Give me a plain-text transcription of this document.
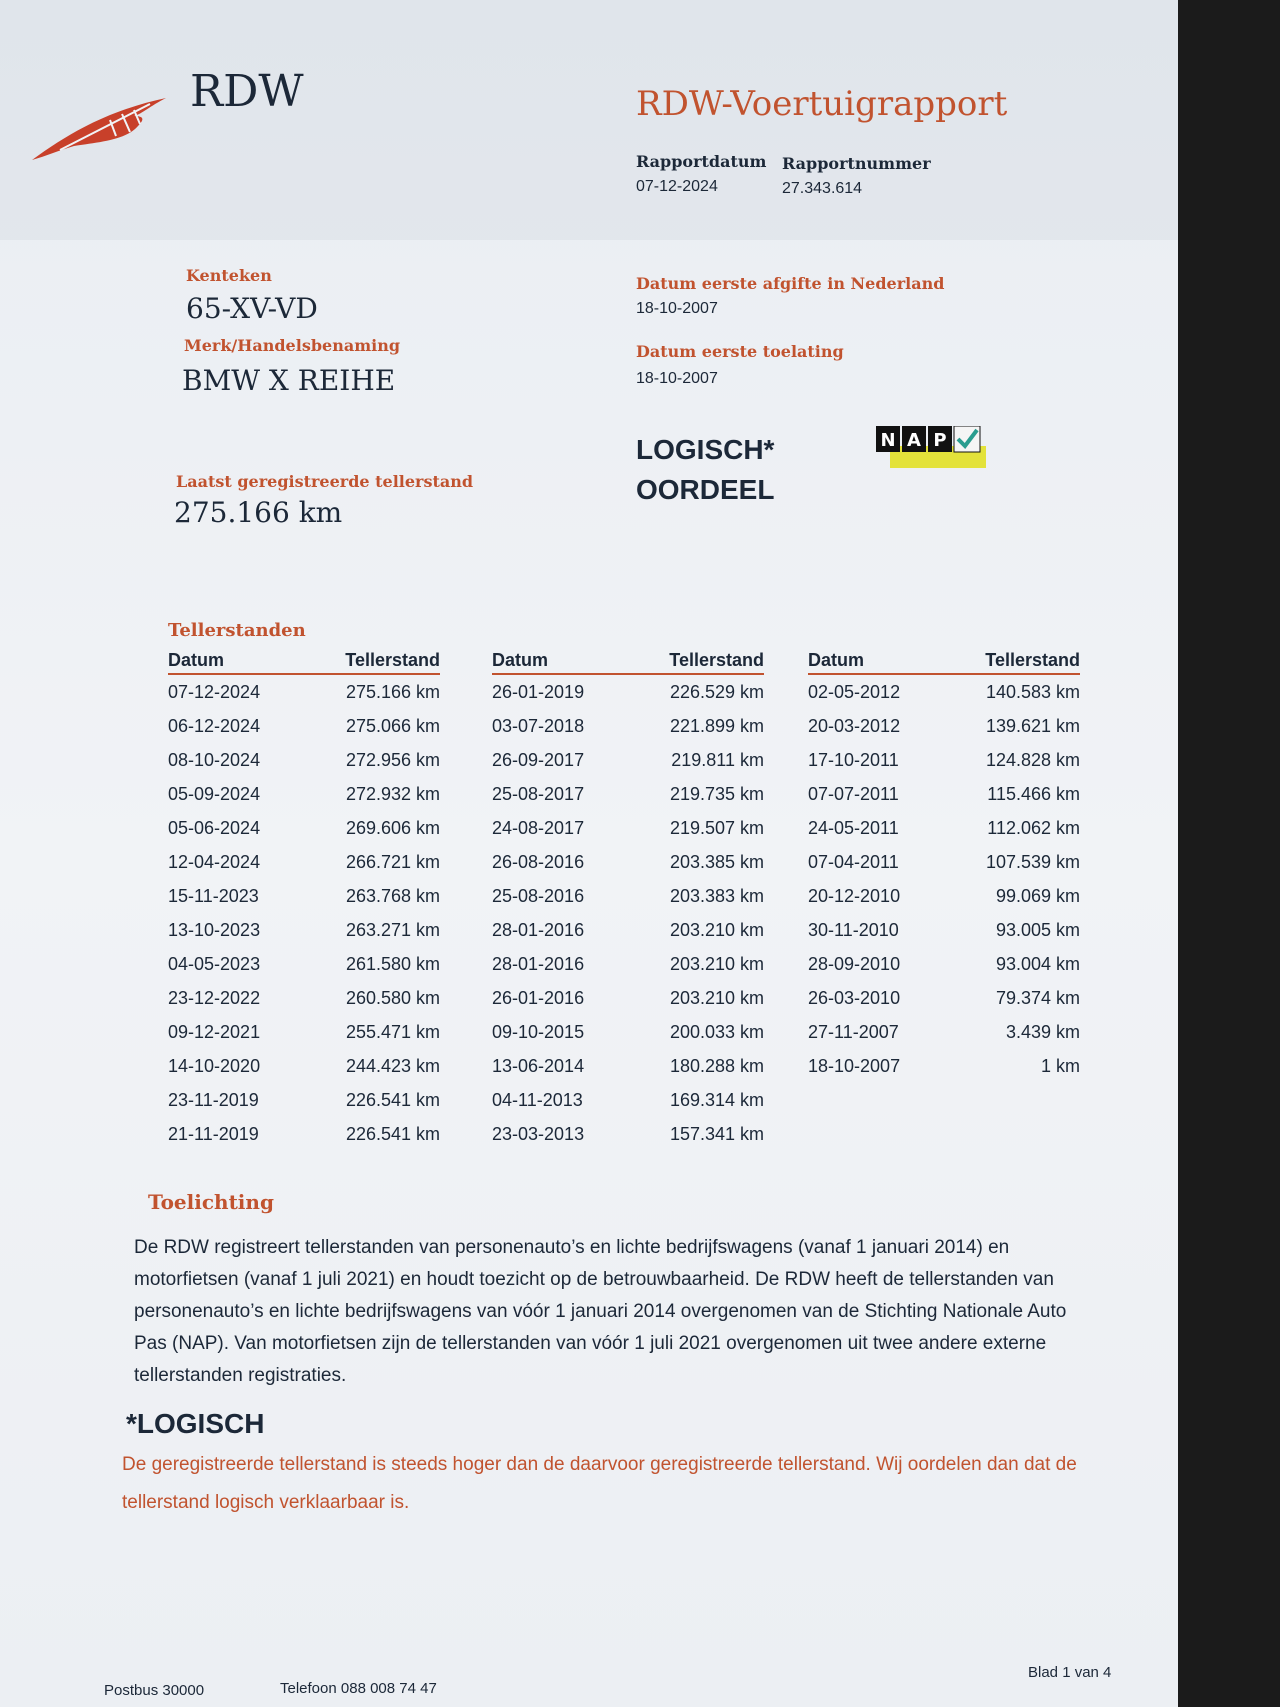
RDW	RDW-Voertuigrapport
Rapportdatum
07-12-2024
Rapportnummer
27.343.614
Kenteken
65-XV-VD
Merk/Handelsbenaming
BMW X REIHE
Datum eerste afgifte in Nederland
18-10-2007
Datum eerste toelating
18-10-2007
Laatst geregistreerde tellerstand
275.166 km
LOGISCH*
OORDEEL
N A P
Tellerstanden
Datum	Tellerstand
07-12-2024	275.166 km
06-12-2024	275.066 km
08-10-2024	272.956 km
05-09-2024	272.932 km
05-06-2024	269.606 km
12-04-2024	266.721 km
15-11-2023	263.768 km
13-10-2023	263.271 km
04-05-2023	261.580 km
23-12-2022	260.580 km
09-12-2021	255.471 km
14-10-2020	244.423 km
23-11-2019	226.541 km
21-11-2019	226.541 km
Datum	Tellerstand
26-01-2019	226.529 km
03-07-2018	221.899 km
26-09-2017	219.811 km
25-08-2017	219.735 km
24-08-2017	219.507 km
26-08-2016	203.385 km
25-08-2016	203.383 km
28-01-2016	203.210 km
28-01-2016	203.210 km
26-01-2016	203.210 km
09-10-2015	200.033 km
13-06-2014	180.288 km
04-11-2013	169.314 km
23-03-2013	157.341 km
Datum	Tellerstand
02-05-2012	140.583 km
20-03-2012	139.621 km
17-10-2011	124.828 km
07-07-2011	115.466 km
24-05-2011	112.062 km
07-04-2011	107.539 km
20-12-2010	99.069 km
30-11-2010	93.005 km
28-09-2010	93.004 km
26-03-2010	79.374 km
27-11-2007	3.439 km
18-10-2007	1 km
Toelichting
De RDW registreert tellerstanden van personenauto’s en lichte bedrijfswagens (vanaf 1 januari 2014) en motorfietsen (vanaf 1 juli 2021) en houdt toezicht op de betrouwbaarheid. De RDW heeft de tellerstanden van personenauto’s en lichte bedrijfswagens van vóór 1 januari 2014 overgenomen van de Stichting Nationale Auto Pas (NAP). Van motorfietsen zijn de tellerstanden van vóór 1 juli 2021 overgenomen uit twee andere externe tellerstanden registraties.
*LOGISCH
De geregistreerde tellerstand is steeds hoger dan de daarvoor geregistreerde tellerstand. Wij oordelen dan dat de tellerstand logisch verklaarbaar is.
Postbus 30000	Telefoon 088 008 74 47
Blad 1 van 4
